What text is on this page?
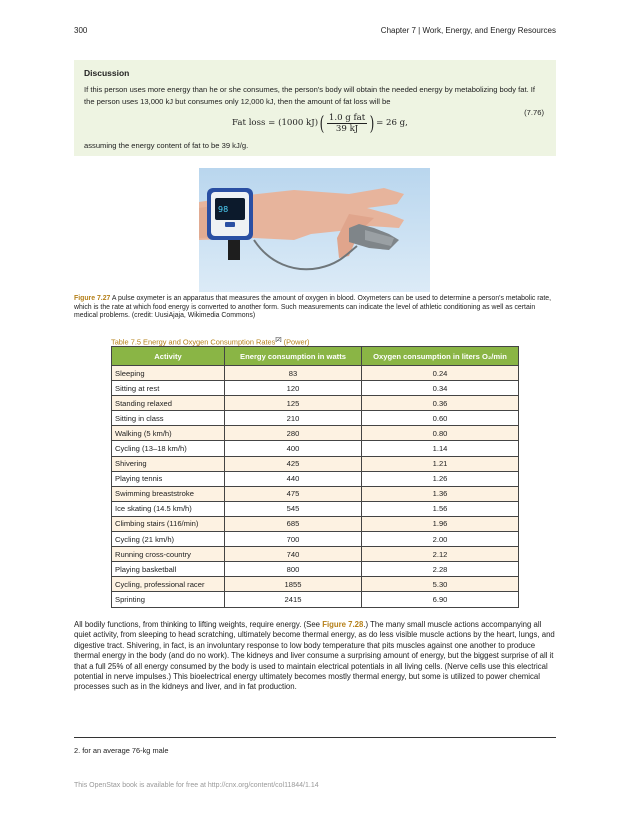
300	Chapter 7 | Work, Energy, and Energy Resources
Discussion
If this person uses more energy than he or she consumes, the person's body will obtain the needed energy by metabolizing body fat. If the person uses 13,000 kJ but consumes only 12,000 kJ, then the amount of fat loss will be
Fat loss = (1000 kJ) ( $\frac{\text{1.0 g fat}}{39 kJ}$ ) = 26 g,
(7.76)
assuming the energy content of fat to be 39 kJ/g.
98
Figure 7.27 A pulse oxymeter is an apparatus that measures the amount of oxygen in blood. Oxymeters can be used to determine a person's metabolic rate, which is the rate at which food energy is converted to another form. Such measurements can indicate the level of athletic conditioning as well as certain medical problems. (credit: UusiAjaja, Wikimedia Commons)
Table 7.5 Energy and Oxygen Consumption Rates[2] (Power)
Activity	Energy consumption in watts	Oxygen consumption in liters O₂/min
Sleeping	83	0.24
Sitting at rest	120	0.34
Standing relaxed	125	0.36
Sitting in class	210	0.60
Walking (5 km/h)	280	0.80
Cycling (13–18 km/h)	400	1.14
Shivering	425	1.21
Playing tennis	440	1.26
Swimming breaststroke	475	1.36
Ice skating (14.5 km/h)	545	1.56
Climbing stairs (116/min)	685	1.96
Cycling (21 km/h)	700	2.00
Running cross-country	740	2.12
Playing basketball	800	2.28
Cycling, professional racer	1855	5.30
Sprinting	2415	6.90
All bodily functions, from thinking to lifting weights, require energy. (See Figure 7.28.) The many small muscle actions accompanying all quiet activity, from sleeping to head scratching, ultimately become thermal energy, as do less visible muscle actions by the heart, lungs, and digestive tract. Shivering, in fact, is an involuntary response to low body temperature that pits muscles against one another to produce thermal energy in the body (and do no work). The kidneys and liver consume a surprising amount of energy, but the biggest surprise of all it that a full 25% of all energy consumed by the body is used to maintain electrical potentials in all living cells. (Nerve cells use this electrical potential in nerve impulses.) This bioelectrical energy ultimately becomes mostly thermal energy, but some is utilized to power chemical processes such as in the kidneys and liver, and in fat production.
2. for an average 76-kg male
This OpenStax book is available for free at http://cnx.org/content/col11844/1.14
